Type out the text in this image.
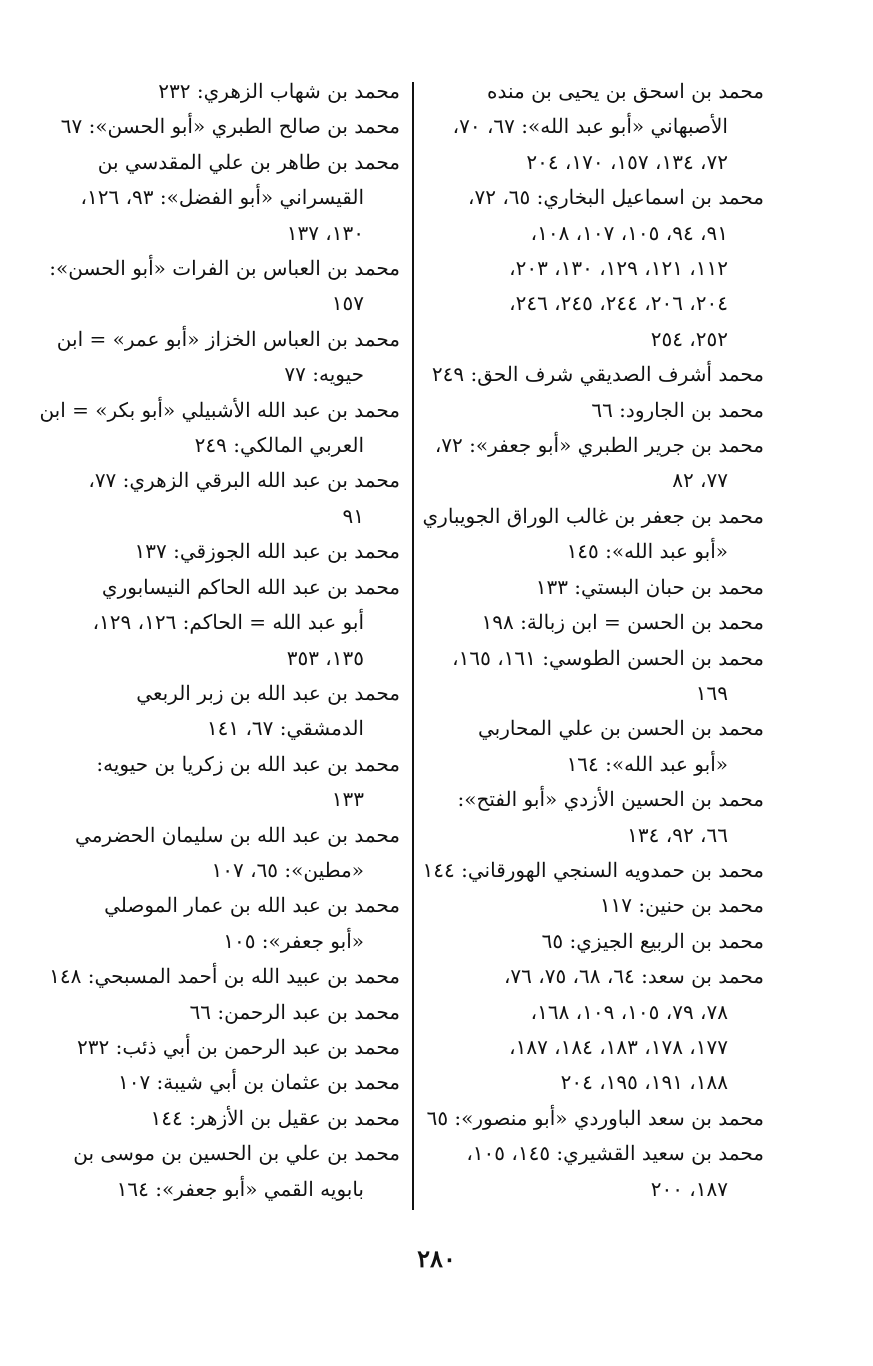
محمد بن اسحق بن يحيى بن منده
الأصبهاني «أبو عبد الله»: ٦٧، ٧٠،
٧٢، ١٣٤، ١٥٧، ١٧٠، ٢٠٤
محمد بن اسماعيل البخاري: ٦٥، ٧٢،
٩١، ٩٤، ١٠٥، ١٠٧، ١٠٨،
١١٢، ١٢١، ١٢٩، ١٣٠، ٢٠٣،
٢٠٤، ٢٠٦، ٢٤٤، ٢٤٥، ٢٤٦،
٢٥٢، ٢٥٤
محمد أشرف الصديقي شرف الحق: ٢٤٩
محمد بن الجارود: ٦٦
محمد بن جرير الطبري «أبو جعفر»: ٧٢،
٧٧، ٨٢
محمد بن جعفر بن غالب الوراق الجويباري
«أبو عبد الله»: ١٤٥
محمد بن حبان البستي: ١٣٣
محمد بن الحسن = ابن زبالة: ١٩٨
محمد بن الحسن الطوسي: ١٦١، ١٦٥،
١٦٩
محمد بن الحسن بن علي المحاربي
«أبو عبد الله»: ١٦٤
محمد بن الحسين الأزدي «أبو الفتح»:
٦٦، ٩٢، ١٣٤
محمد بن حمدويه السنجي الهورقاني: ١٤٤
محمد بن حنين: ١١٧
محمد بن الربيع الجيزي: ٦٥
محمد بن سعد: ٦٤، ٦٨، ٧٥، ٧٦،
٧٨، ٧٩، ١٠٥، ١٠٩، ١٦٨،
١٧٧، ١٧٨، ١٨٣، ١٨٤، ١٨٧،
١٨٨، ١٩١، ١٩٥، ٢٠٤
محمد بن سعد الباوردي «أبو منصور»: ٦٥
محمد بن سعيد القشيري: ١٤٥، ١٠٥،
١٨٧، ٢٠٠
محمد بن شهاب الزهري: ٢٣٢
محمد بن صالح الطبري «أبو الحسن»: ٦٧
محمد بن طاهر بن علي المقدسي بن
القيسراني «أبو الفضل»: ٩٣، ١٢٦،
١٣٠، ١٣٧
محمد بن العباس بن الفرات «أبو الحسن»:
١٥٧
محمد بن العباس الخزاز «أبو عمر» = ابن
حيويه: ٧٧
محمد بن عبد الله الأشبيلي «أبو بكر» = ابن
العربي المالكي: ٢٤٩
محمد بن عبد الله البرقي الزهري: ٧٧،
٩١
محمد بن عبد الله الجوزقي: ١٣٧
محمد بن عبد الله الحاكم النيسابوري
أبو عبد الله = الحاكم: ١٢٦، ١٢٩،
١٣٥، ٣٥٣
محمد بن عبد الله بن زبر الربعي
الدمشقي: ٦٧، ١٤١
محمد بن عبد الله بن زكريا بن حيويه:
١٣٣
محمد بن عبد الله بن سليمان الحضرمي
«مطين»: ٦٥، ١٠٧
محمد بن عبد الله بن عمار الموصلي
«أبو جعفر»: ١٠٥
محمد بن عبيد الله بن أحمد المسبحي: ١٤٨
محمد بن عبد الرحمن: ٦٦
محمد بن عبد الرحمن بن أبي ذئب: ٢٣٢
محمد بن عثمان بن أبي شيبة: ١٠٧
محمد بن عقيل بن الأزهر: ١٤٤
محمد بن علي بن الحسين بن موسى بن
بابويه القمي «أبو جعفر»: ١٦٤
٢٨٠
